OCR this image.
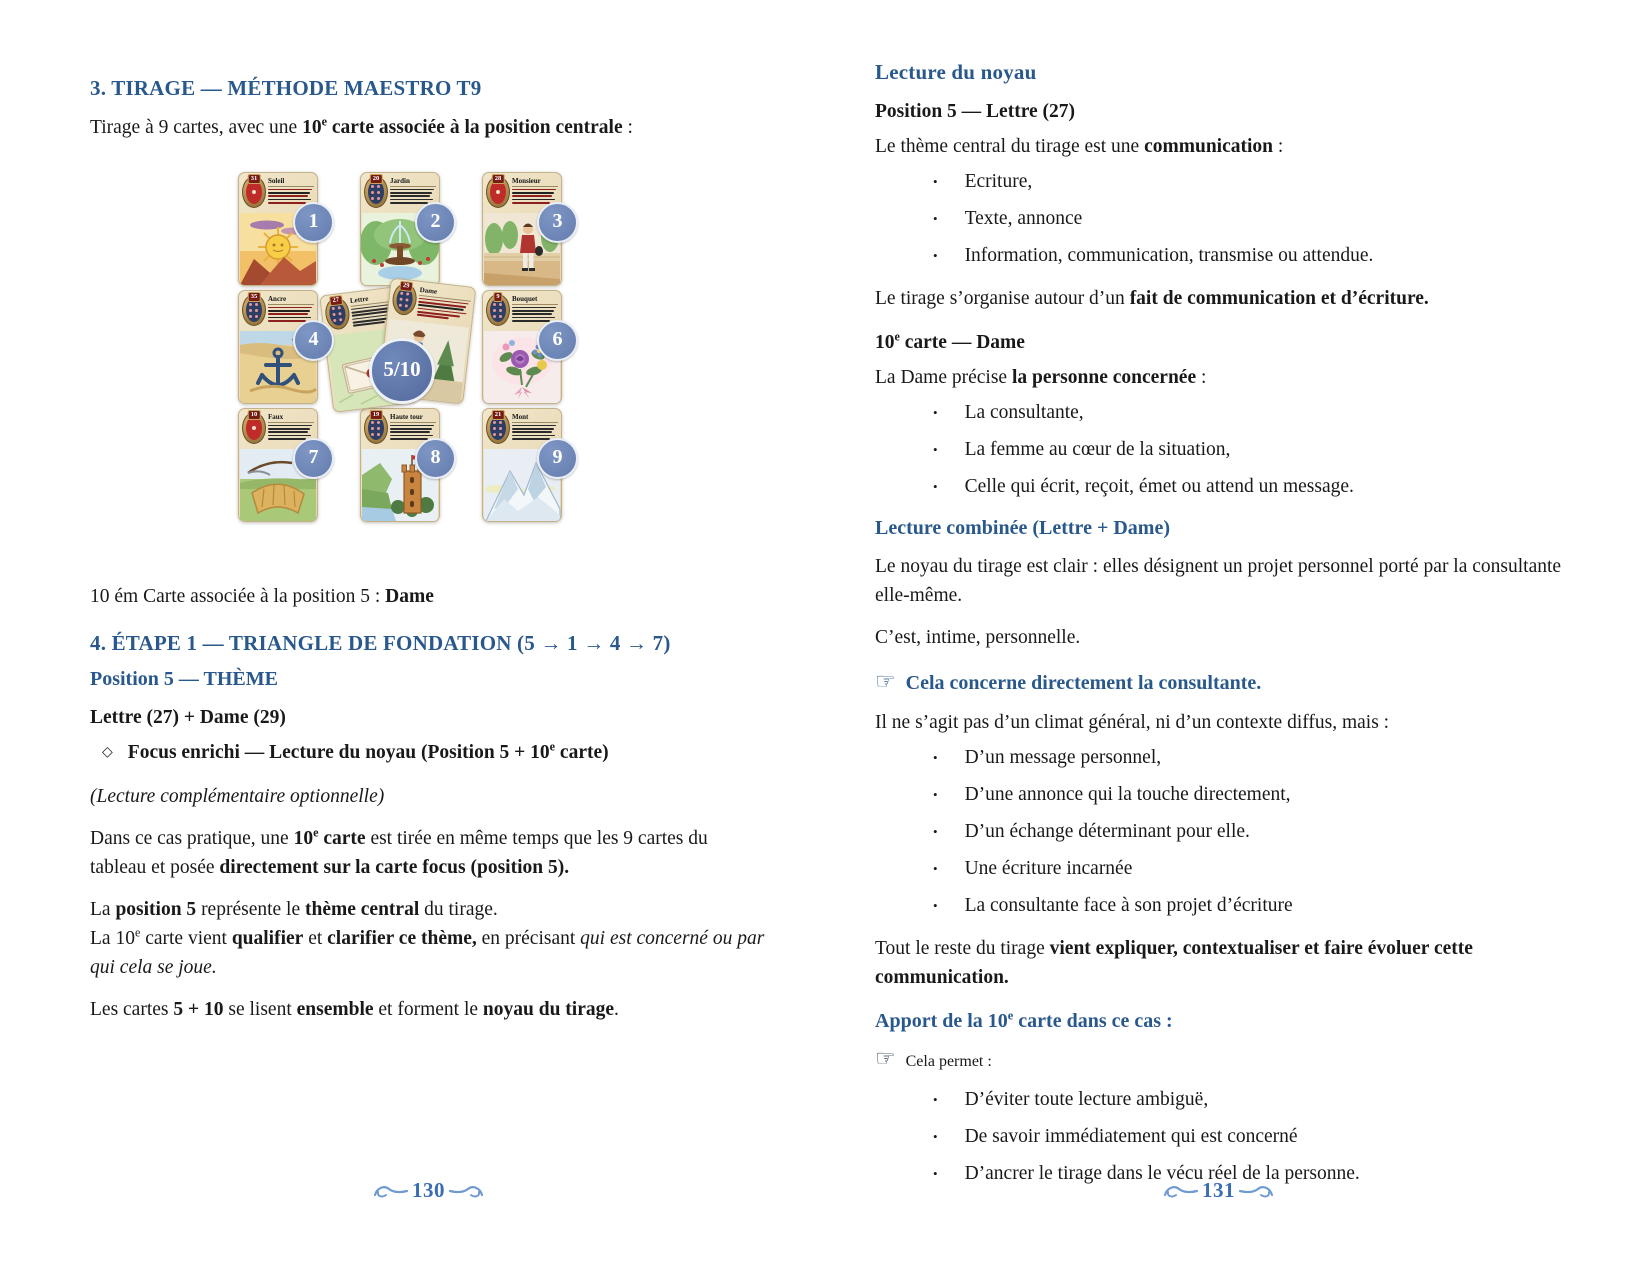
3. TIRAGE — MÉTHODE MAESTRO T9

Tirage à 9 cartes, avec une 10e carte associée à la position centrale :

31	Soleil
1
20	Jardin
2
28	Monsieur
3
35	Ancre
4
27	Lettre
29
Dame
5/10
9	Bouquet
6
10	Faux
7
19	Haute tour
8
21	Mont
9

10 ém Carte associée à la position 5 : Dame

4. ÉTAPE 1 — TRIANGLE DE FONDATION (5 → 1 → 4 → 7)
Position 5 — THÈME

Lettre (27) + Dame (29)

◇ Focus enrichi — Lecture du noyau (Position $5 + 10^e$ carte)

(Lecture complémentaire optionnelle)

Dans ce cas pratique, une 10e carte est tirée en même temps que les 9 cartes du tableau et posée directement sur la carte focus (position 5).

La position 5 représente le thème central du tirage.
La 10e carte vient qualifier et clarifier ce thème, en précisant qui est concerné ou par qui cela se joue.

Les cartes 5 + 10 se lisent ensemble et forment le noyau du tirage.

130
Lecture du noyau

Position 5 — Lettre (27)

Le thème central du tirage est une communication :

• Ecriture,
• Texte, annonce
• Information, communication, transmise ou attendue.

Le tirage s’organise autour d’un fait de communication et d’écriture.

10e carte — Dame

La Dame précise la personne concernée :

• La consultante,
• La femme au cœur de la situation,
• Celle qui écrit, reçoit, émet ou attend un message.
Lecture combinée (Lettre + Dame)

Le noyau du tirage est clair : elles désignent un projet personnel porté par la consultante elle-même.

C’est, intime, personnelle.

☞ Cela concerne directement la consultante.

Il ne s’agit pas d’un climat général, ni d’un contexte diffus, mais :

• D’un message personnel,
• D’une annonce qui la touche directement,
• D’un échange déterminant pour elle.
• Une écriture incarnée
• La consultante face à son projet d’écriture

Tout le reste du tirage vient expliquer, contextualiser et faire évoluer cette communication.

Apport de la 10e carte dans ce cas :

☞ Cela permet :

• D’éviter toute lecture ambiguë,
• De savoir immédiatement qui est concerné
• D’ancrer le tirage dans le vécu réel de la personne.
131
